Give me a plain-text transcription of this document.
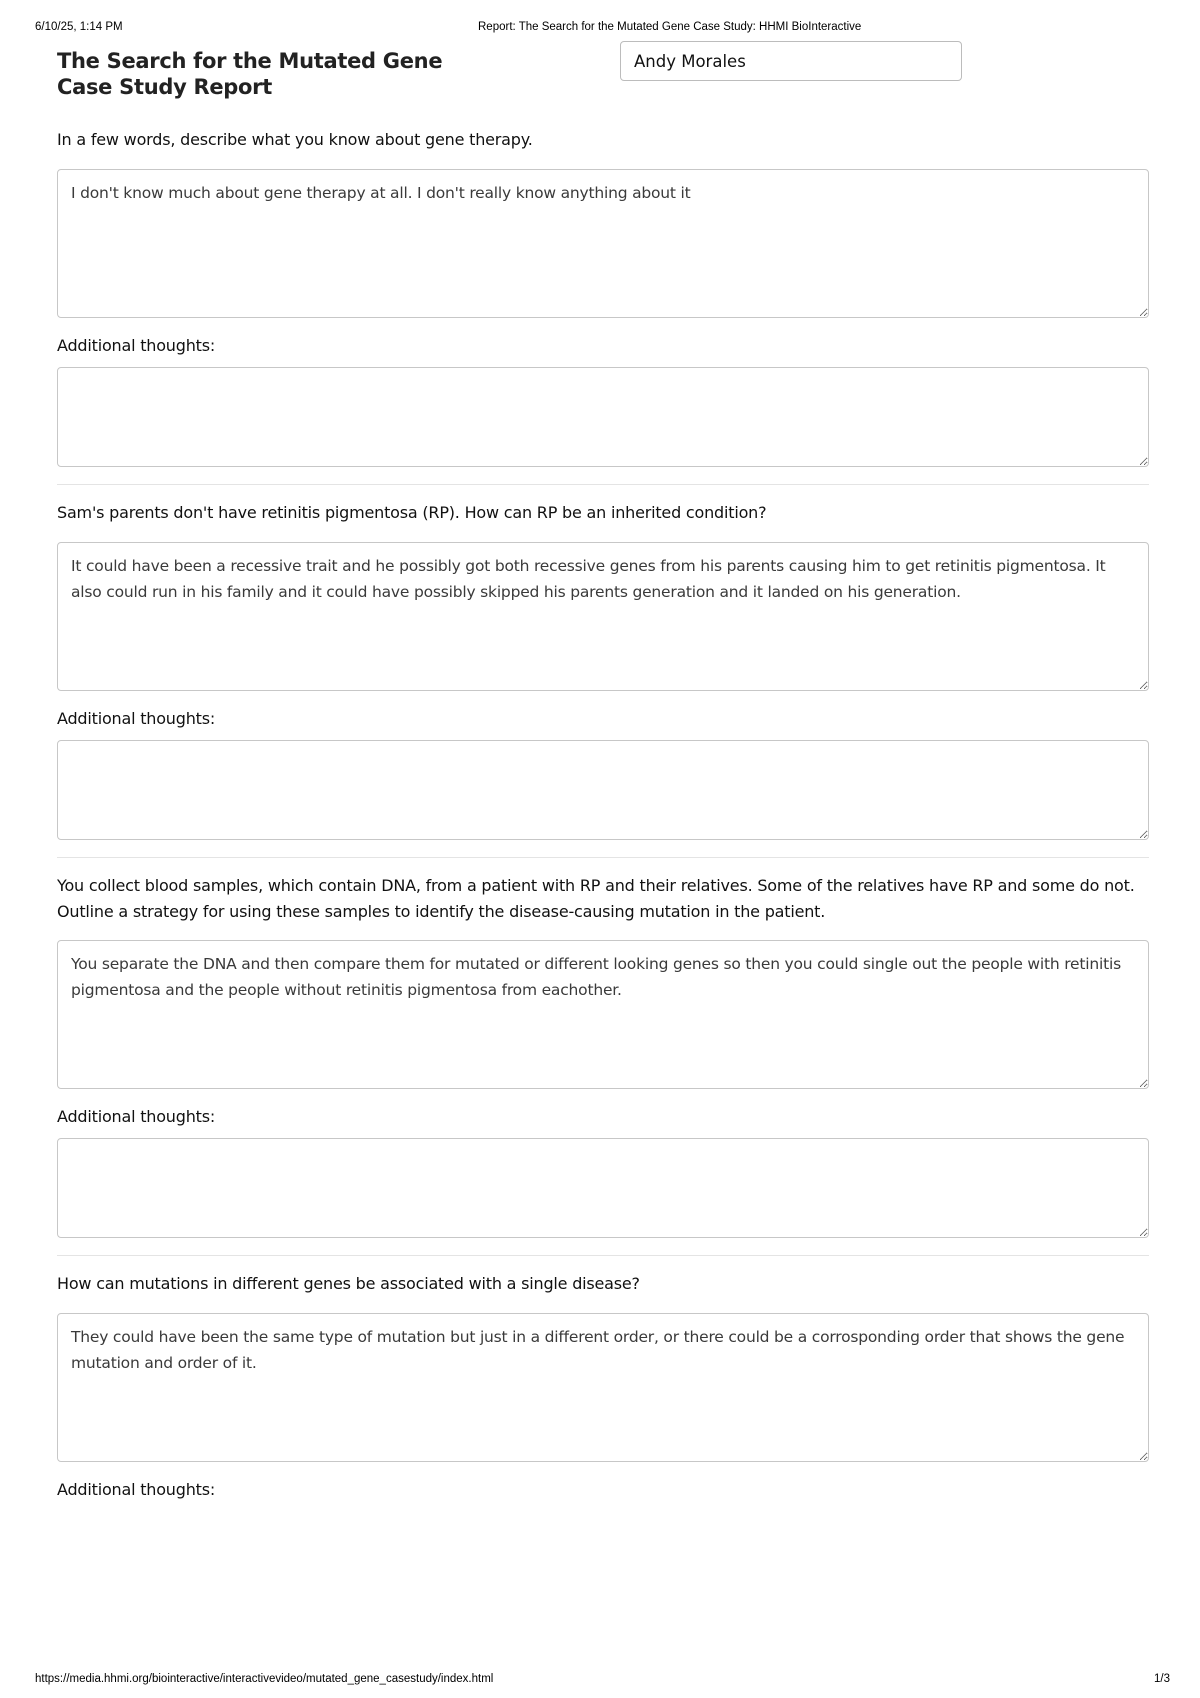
6/10/25, 1:14 PM	Report: The Search for the Mutated Gene Case Study: HHMI BioInteractive
The Search for the Mutated Gene
Case Study Report
Andy Morales

In a few words, describe what you know about gene therapy.

I don't know much about gene therapy at all. I don't really know anything about it

Additional thoughts:

Sam's parents don't have retinitis pigmentosa (RP). How can RP be an inherited condition?

It could have been a recessive trait and he possibly got both recessive genes from his parents causing him to get retinitis pigmentosa. It also could run in his family and it could have possibly skipped his parents generation and it landed on his generation.

Additional thoughts:

You collect blood samples, which contain DNA, from a patient with RP and their relatives. Some of the relatives have RP and some do not. Outline a strategy for using these samples to identify the disease-causing mutation in the patient.

You separate the DNA and then compare them for mutated or different looking genes so then you could single out the people with retinitis pigmentosa and the people without retinitis pigmentosa from eachother.

Additional thoughts:

How can mutations in different genes be associated with a single disease?

They could have been the same type of mutation but just in a different order, or there could be a corrosponding order that shows the gene mutation and order of it.

Additional thoughts:

https://media.hhmi.org/biointeractive/interactivevideo/mutated_gene_casestudy/index.html	1/3
